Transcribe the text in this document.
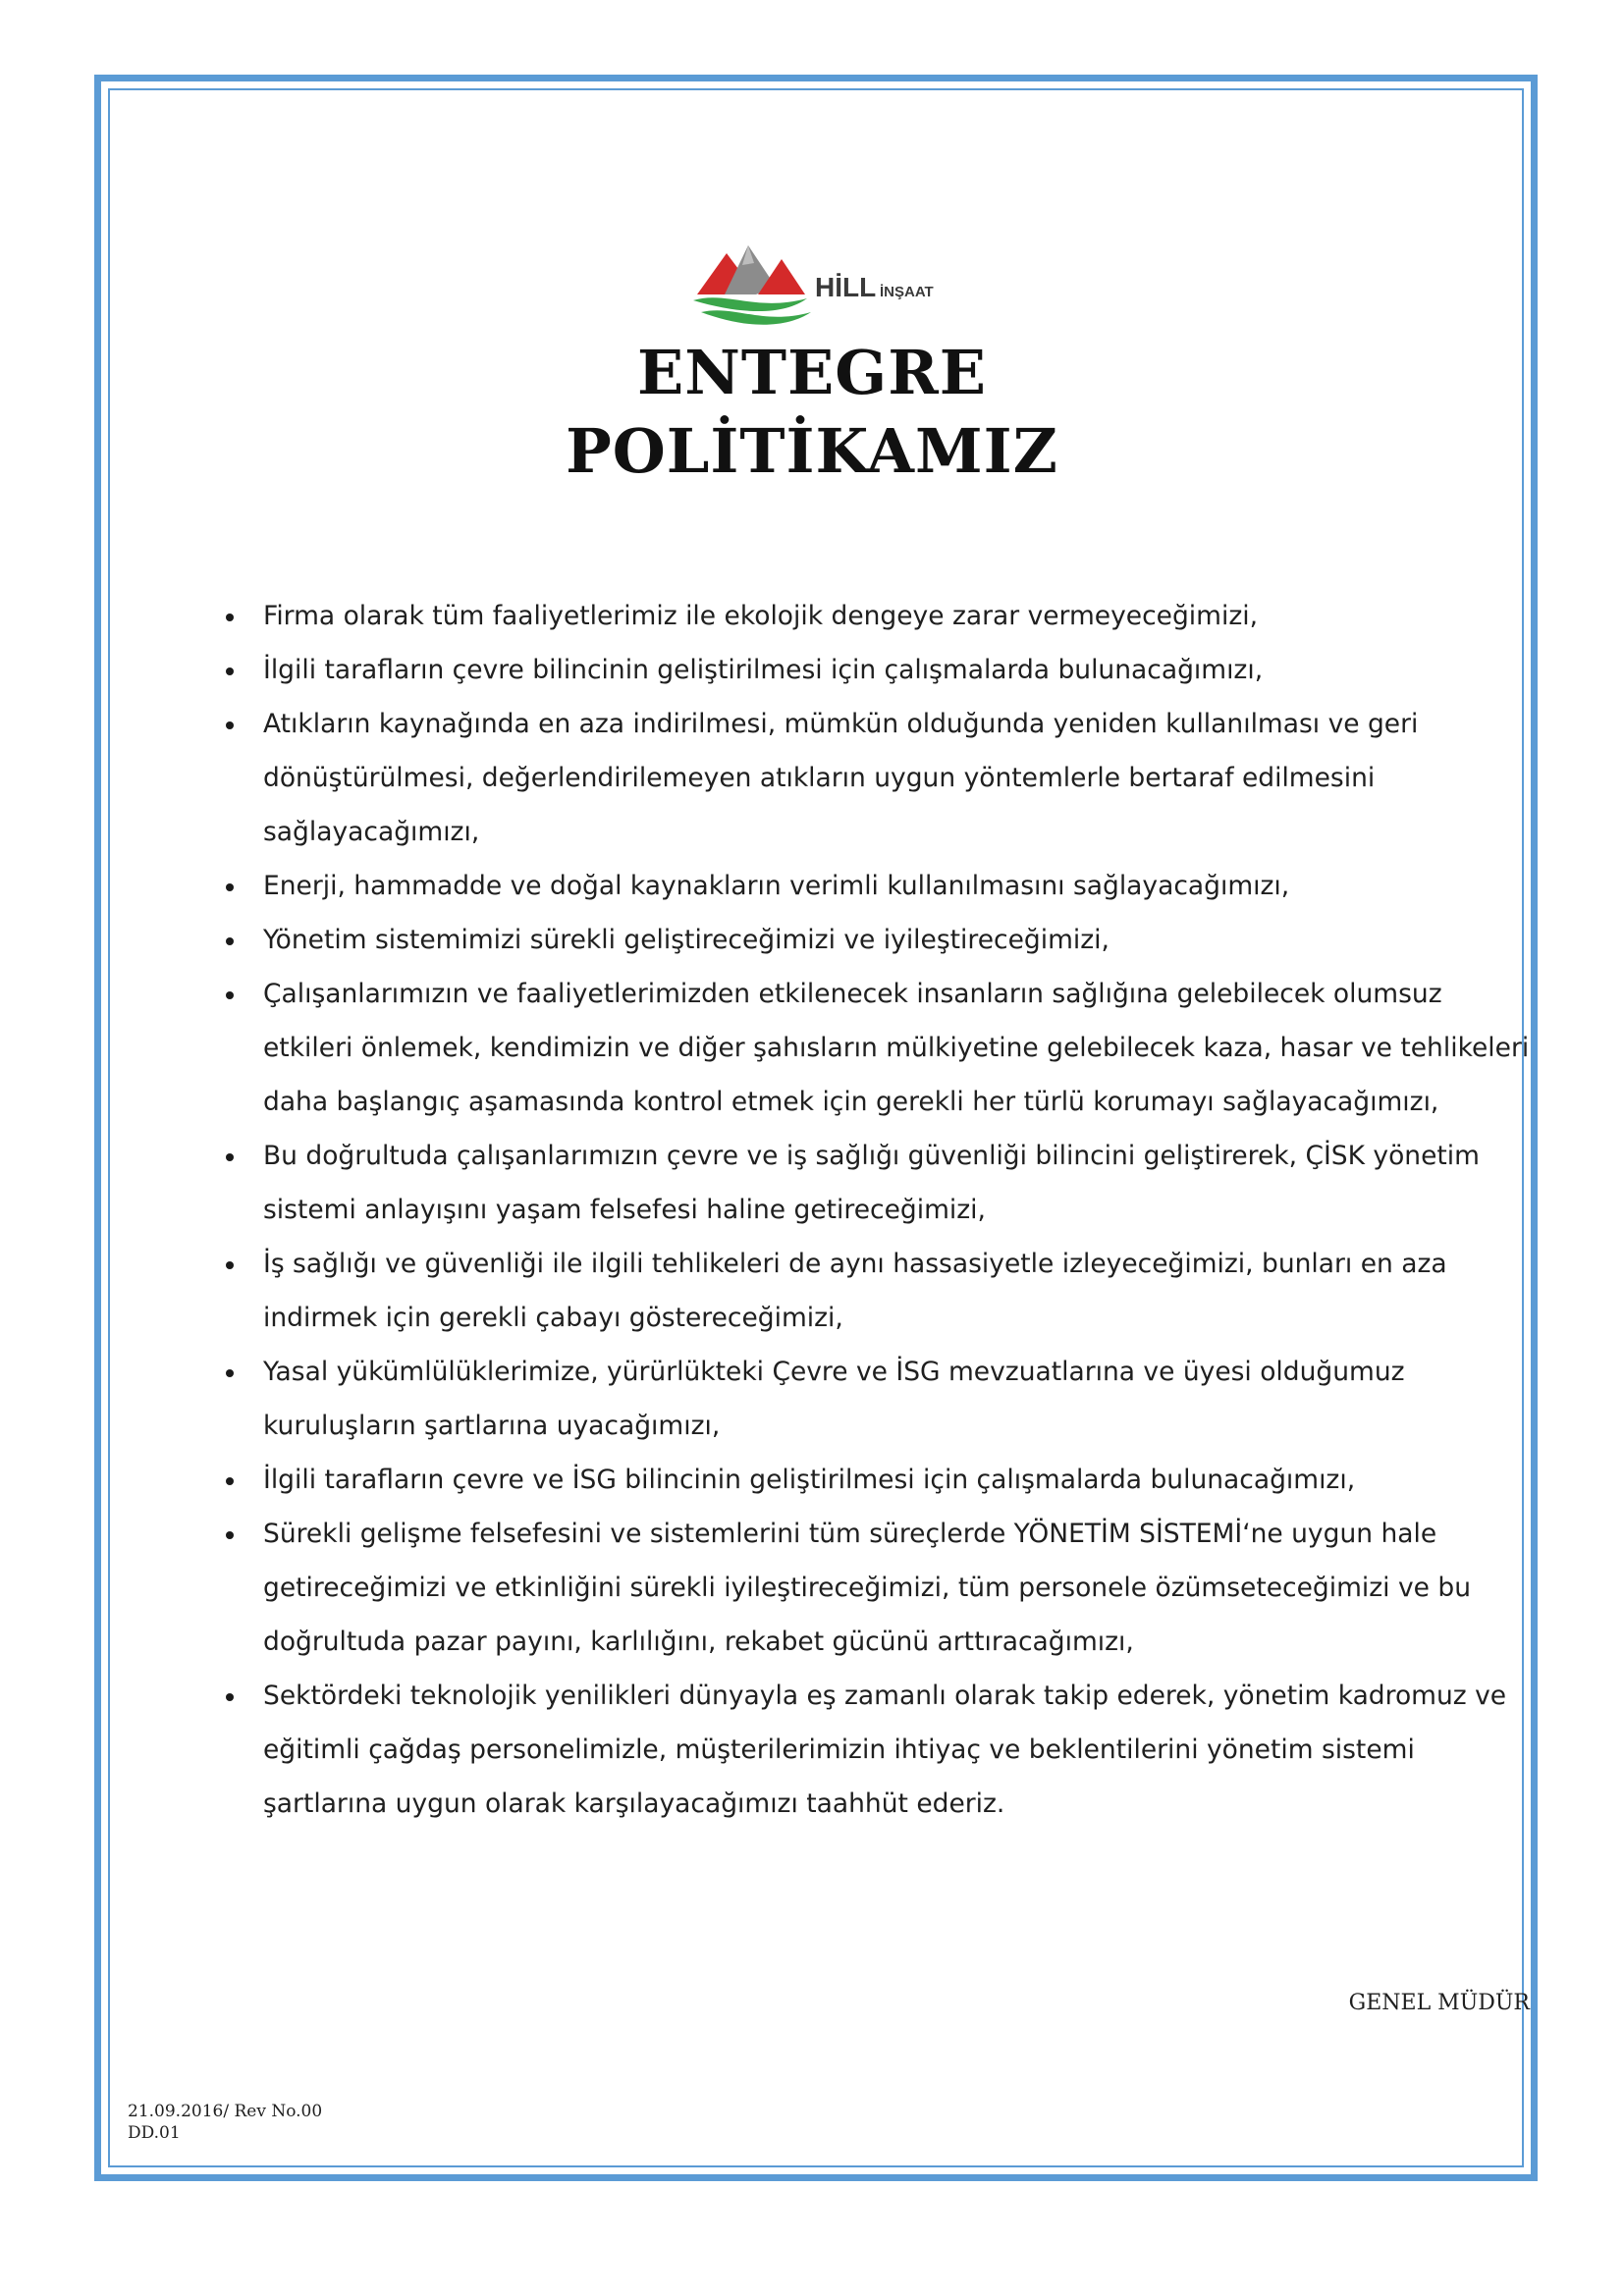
HİLL İNŞAAT
ENTEGRE
POLİTİKAMIZ
Firma olarak tüm faaliyetlerimiz ile ekolojik dengeye zarar vermeyeceğimizi,
İlgili tarafların çevre bilincinin geliştirilmesi için çalışmalarda bulunacağımızı,
Atıkların kaynağında en aza indirilmesi, mümkün olduğunda yeniden kullanılması ve geri dönüştürülmesi, değerlendirilemeyen atıkların uygun yöntemlerle bertaraf edilmesini sağlayacağımızı,
Enerji, hammadde ve doğal kaynakların verimli kullanılmasını sağlayacağımızı,
Yönetim sistemimizi sürekli geliştireceğimizi ve iyileştireceğimizi,
Çalışanlarımızın ve faaliyetlerimizden etkilenecek insanların sağlığına gelebilecek olumsuz etkileri önlemek, kendimizin ve diğer şahısların mülkiyetine gelebilecek kaza, hasar ve tehlikeleri daha başlangıç aşamasında kontrol etmek için gerekli her türlü korumayı sağlayacağımızı,
Bu doğrultuda çalışanlarımızın çevre ve iş sağlığı güvenliği bilincini geliştirerek, ÇİSK yönetim sistemi anlayışını yaşam felsefesi haline getireceğimizi,
İş sağlığı ve güvenliği ile ilgili tehlikeleri de aynı hassasiyetle izleyeceğimizi, bunları en aza indirmek için gerekli çabayı göstereceğimizi,
Yasal yükümlülüklerimize, yürürlükteki Çevre ve İSG mevzuatlarına ve üyesi olduğumuz kuruluşların şartlarına uyacağımızı,
İlgili tarafların çevre ve İSG bilincinin geliştirilmesi için çalışmalarda bulunacağımızı,
Sürekli gelişme felsefesini ve sistemlerini tüm süreçlerde YÖNETİM SİSTEMİ‘ne uygun hale getireceğimizi ve etkinliğini sürekli iyileştireceğimizi, tüm personele özümseteceğimizi ve bu doğrultuda pazar payını, karlılığını, rekabet gücünü arttıracağımızı,
Sektördeki teknolojik yenilikleri dünyayla eş zamanlı olarak takip ederek, yönetim kadromuz ve eğitimli çağdaş personelimizle, müşterilerimizin ihtiyaç ve beklentilerini yönetim sistemi şartlarına uygun olarak karşılayacağımızı taahhüt ederiz.
GENEL MÜDÜR
21.09.2016/ Rev No.00
DD.01
